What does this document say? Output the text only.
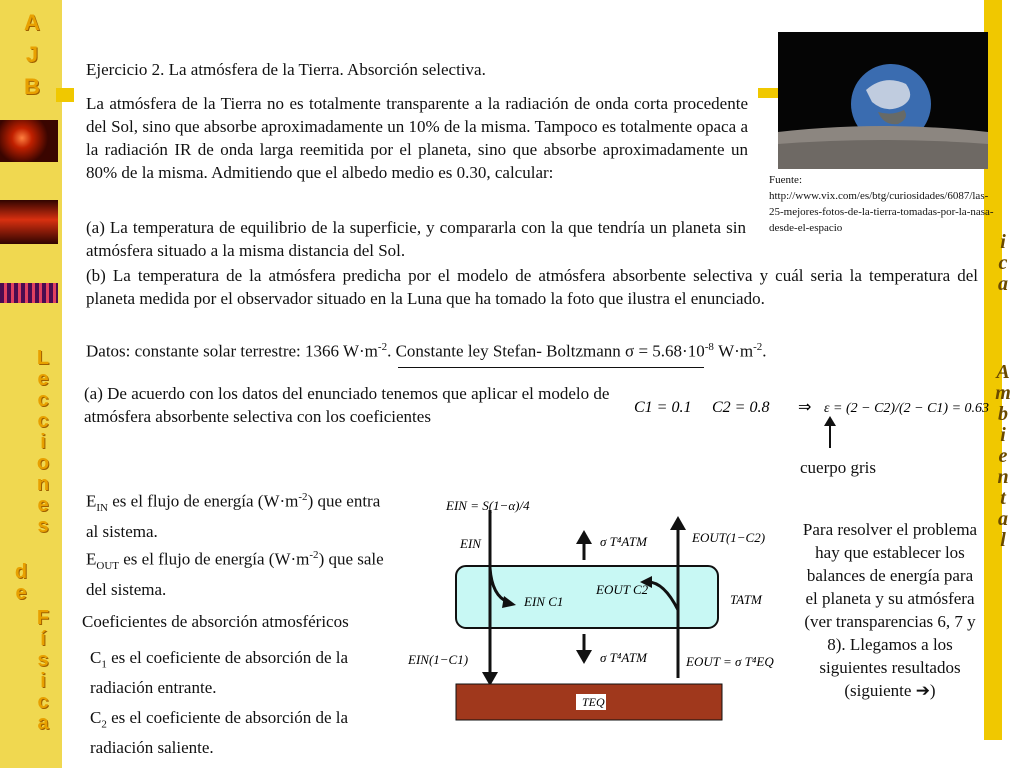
A
J
B
L
e
c
c
i
o
n
e
s
d
e
F
í
s
i
c
a
i
c
a
A
m
b
i
e
n
t
a
l
Ejercicio 2. La atmósfera de la Tierra. Absorción selectiva.
La atmósfera de la Tierra no es totalmente transparente a la radiación de onda corta procedente del Sol, sino que absorbe aproximadamente un 10% de la misma. Tampoco es totalmente opaca a la radiación IR de onda larga reemitida por el planeta, sino que absorbe aproximadamente un 80% de la misma. Admitiendo que el albedo medio es 0.30, calcular:	Fuente: http://www.vix.com/es/btg/curiosidades/6087/las-25-mejores-fotos-de-la-tierra-tomadas-por-la-nasa-desde-el-espacio
(a) La temperatura de equilibrio de la superficie, y compararla con la que tendría un planeta sin atmósfera situado a la misma distancia del Sol.
(b) La temperatura de la atmósfera predicha por el modelo de atmósfera absorbente selectiva y cuál seria la temperatura del planeta medida por el observador situado en la Luna que ha tomado la foto que ilustra el enunciado.
Datos: constante solar terrestre: 1366 $W\cdot m^{-2}$. Constante ley Stefan- Boltzmann $\sigma = 5.68\cdot 10^{-8}$ $W\cdot m^{-2}$.
(a) De acuerdo con los datos del enunciado tenemos que aplicar el modelo de atmósfera absorbente selectiva con los coeficientes	C1 = 0.1 C2 = 0.8 ⇒ ε = (2 − C2)/(2 − C1) = 0.63
cuerpo gris
$E_{IN}$ es el flujo de energía $(W\cdot m^{-2})$ que entra al sistema.
$E_{OUT}$ es el flujo de energía $(W\cdot m^{-2})$ que sale del sistema.
Coeficientes de absorción atmosféricos
$C_1$ es el coeficiente de absorción de la radiación entrante.
$C_2$ es el coeficiente de absorción de la radiación saliente.
EIN = S(1−α)/4
EIN	σ T⁴ATM	EOUT(1−C2)
EOUT C2
EIN C1	TATM
EIN(1−C1)	σ T⁴ATM	EOUT = σ T⁴EQ
TEQ
Para resolver el problema hay que establecer los balances de energía para el planeta y su atmósfera (ver transparencias 6, 7 y 8). Llegamos a los siguientes resultados (siguiente ➔)
